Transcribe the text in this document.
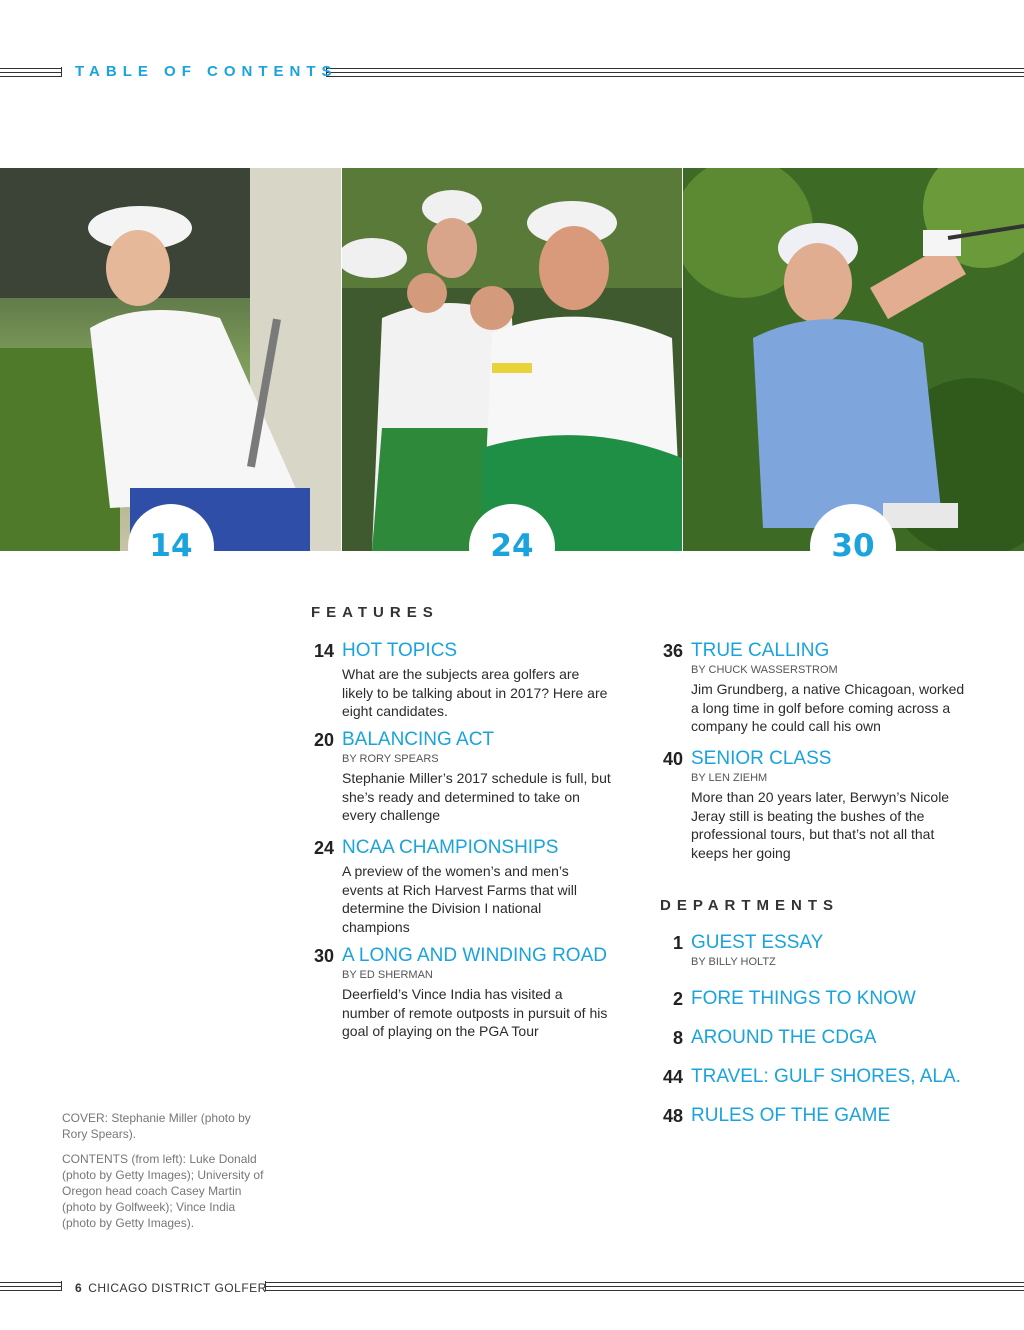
TABLE OF CONTENTS
14	24	30
FEATURES
14 HOT TOPICS
What are the subjects area golfers are likely to be talking about in 2017? Here are eight candidates.
20 BALANCING ACT
BY RORY SPEARS
Stephanie Miller’s 2017 schedule is full, but she’s ready and determined to take on every challenge
24 NCAA CHAMPIONSHIPS
A preview of the women’s and men’s events at Rich Harvest Farms that will determine the Division I national champions
30 A LONG AND WINDING ROAD
BY ED SHERMAN
Deerfield’s Vince India has visited a number of remote outposts in pursuit of his goal of playing on the PGA Tour
36 TRUE CALLING
BY CHUCK WASSERSTROM
Jim Grundberg, a native Chicagoan, worked a long time in golf before coming across a company he could call his own
40 SENIOR CLASS
BY LEN ZIEHM
More than 20 years later, Berwyn’s Nicole Jeray still is beating the bushes of the professional tours, but that’s not all that keeps her going
DEPARTMENTS
1 GUEST ESSAY
BY BILLY HOLTZ
2 FORE THINGS TO KNOW
8 AROUND THE CDGA
44 TRAVEL: GULF SHORES, ALA.
48 RULES OF THE GAME
COVER: Stephanie Miller (photo by Rory Spears).
CONTENTS (from left): Luke Donald (photo by Getty Images); University of Oregon head coach Casey Martin (photo by Golfweek); Vince India (photo by Getty Images).
6 CHICAGO DISTRICT GOLFER
